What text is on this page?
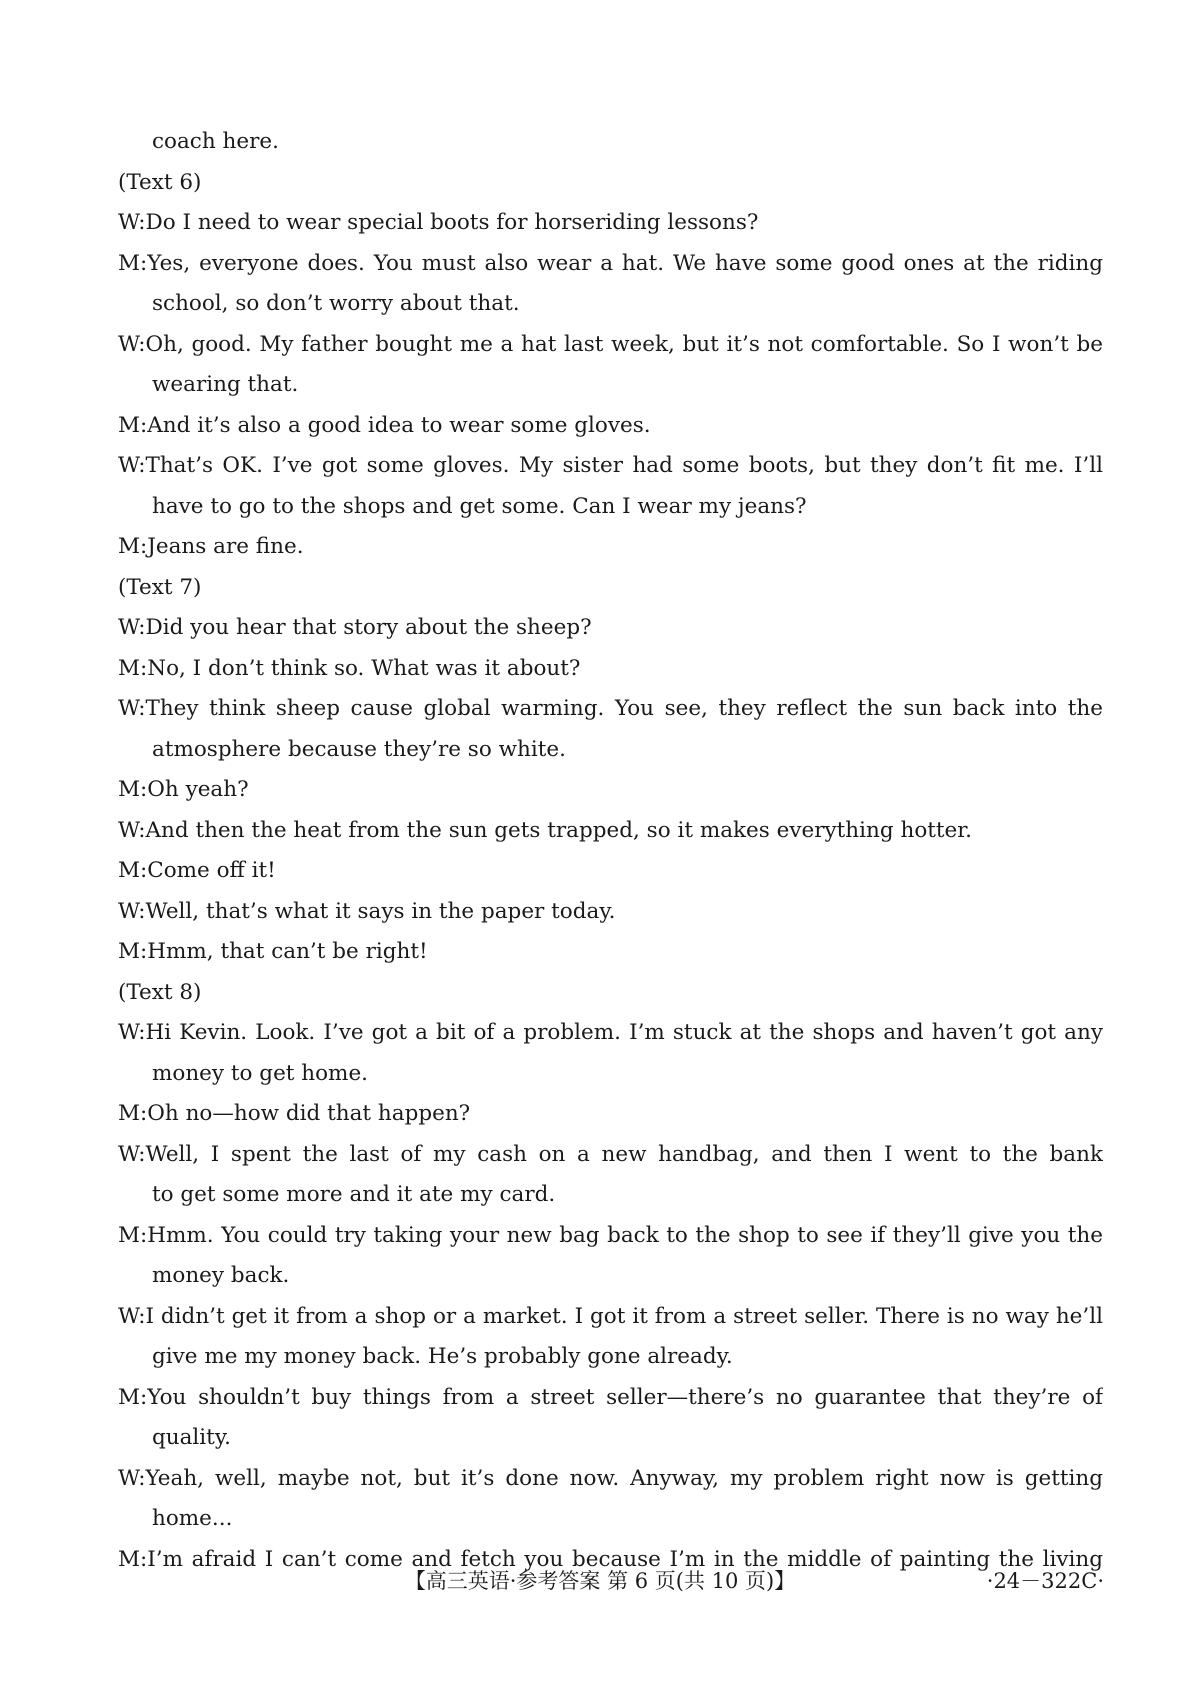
coach here.
(Text 6)
W:Do I need to wear special boots for horseriding lessons?
M:Yes, everyone does. You must also wear a hat. We have some good ones at the riding
school, so don’t worry about that.
W:Oh, good. My father bought me a hat last week, but it’s not comfortable. So I won’t be
wearing that.
M:And it’s also a good idea to wear some gloves.
W:That’s OK. I’ve got some gloves. My sister had some boots, but they don’t fit me. I’ll
have to go to the shops and get some. Can I wear my jeans?
M:Jeans are fine.
(Text 7)
W:Did you hear that story about the sheep?
M:No, I don’t think so. What was it about?
W:They think sheep cause global warming. You see, they reflect the sun back into the
atmosphere because they’re so white.
M:Oh yeah?
W:And then the heat from the sun gets trapped, so it makes everything hotter.
M:Come off it!
W:Well, that’s what it says in the paper today.
M:Hmm, that can’t be right!
(Text 8)
W:Hi Kevin. Look. I’ve got a bit of a problem. I’m stuck at the shops and haven’t got any
money to get home.
M:Oh no—how did that happen?
W:Well, I spent the last of my cash on a new handbag, and then I went to the bank
to get some more and it ate my card.
M:Hmm. You could try taking your new bag back to the shop to see if they’ll give you the
money back.
W:I didn’t get it from a shop or a market. I got it from a street seller. There is no way he’ll
give me my money back. He’s probably gone already.
M:You shouldn’t buy things from a street seller—there’s no guarantee that they’re of
quality.
W:Yeah, well, maybe not, but it’s done now. Anyway, my problem right now is getting
home...
M:I’m afraid I can’t come and fetch you because I’m in the middle of painting the living
【高三英语·参考答案 第 6 页(共 10 页)】	·24－322C·
